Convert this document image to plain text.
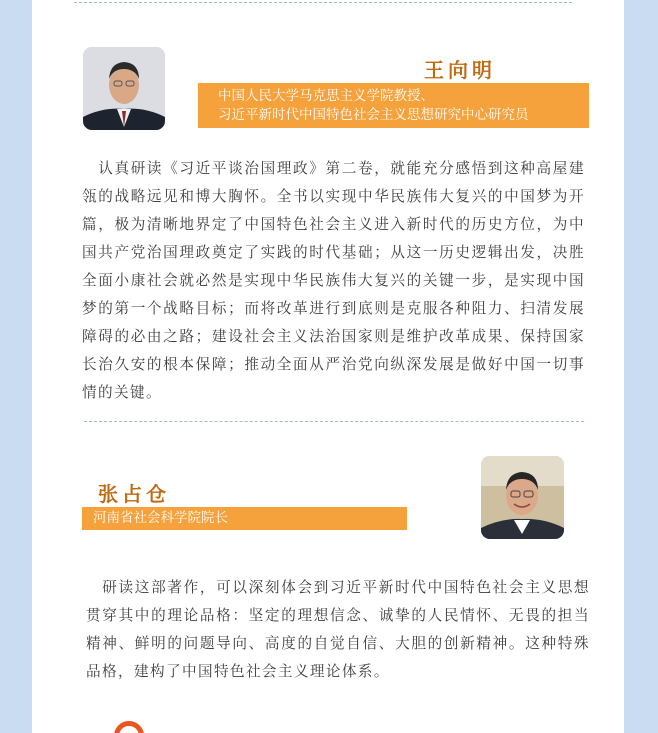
王向明
中国人民大学马克思主义学院教授、
习近平新时代中国特色社会主义思想研究中心研究员

　认真研读《习近平谈治国理政》第二卷，就能充分感悟到这种高屋建瓴的战略远见和博大胸怀。全书以实现中华民族伟大复兴的中国梦为开篇，极为清晰地界定了中国特色社会主义进入新时代的历史方位，为中国共产党治国理政奠定了实践的时代基础；从这一历史逻辑出发，决胜全面小康社会就必然是实现中华民族伟大复兴的关键一步，是实现中国梦的第一个战略目标；而将改革进行到底则是克服各种阻力、扫清发展障碍的必由之路；建设社会主义法治国家则是维护改革成果、保持国家长治久安的根本保障；推动全面从严治党向纵深发展是做好中国一切事情的关键。

张占仓
河南省社会科学院院长

　研读这部著作，可以深刻体会到习近平新时代中国特色社会主义思想贯穿其中的理论品格：坚定的理想信念、诚挚的人民情怀、无畏的担当精神、鲜明的问题导向、高度的自觉自信、大胆的创新精神。这种特殊品格，建构了中国特色社会主义理论体系。
